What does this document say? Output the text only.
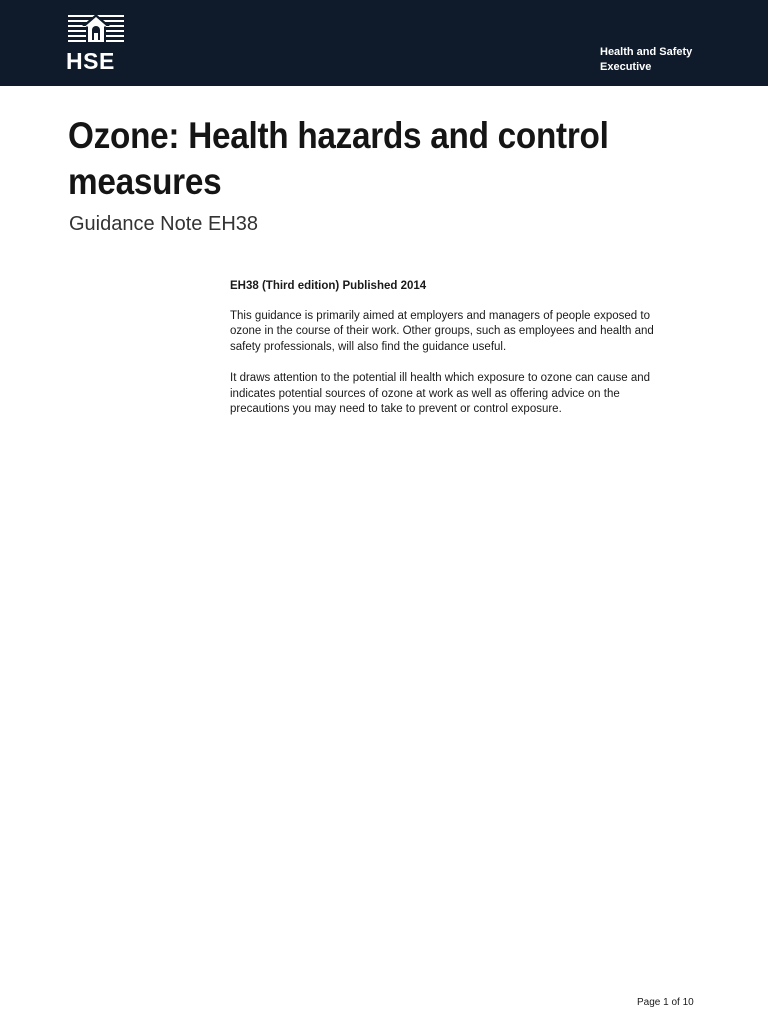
HSE	Health and Safety
Executive
Ozone: Health hazards and control measures
Guidance Note EH38

EH38 (Third edition) Published 2014

This guidance is primarily aimed at employers and managers of people exposed to ozone in the course of their work. Other groups, such as employees and health and safety professionals, will also find the guidance useful.

It draws attention to the potential ill health which exposure to ozone can cause and indicates potential sources of ozone at work as well as offering advice on the precautions you may need to take to prevent or control exposure.

Page 1 of 10
